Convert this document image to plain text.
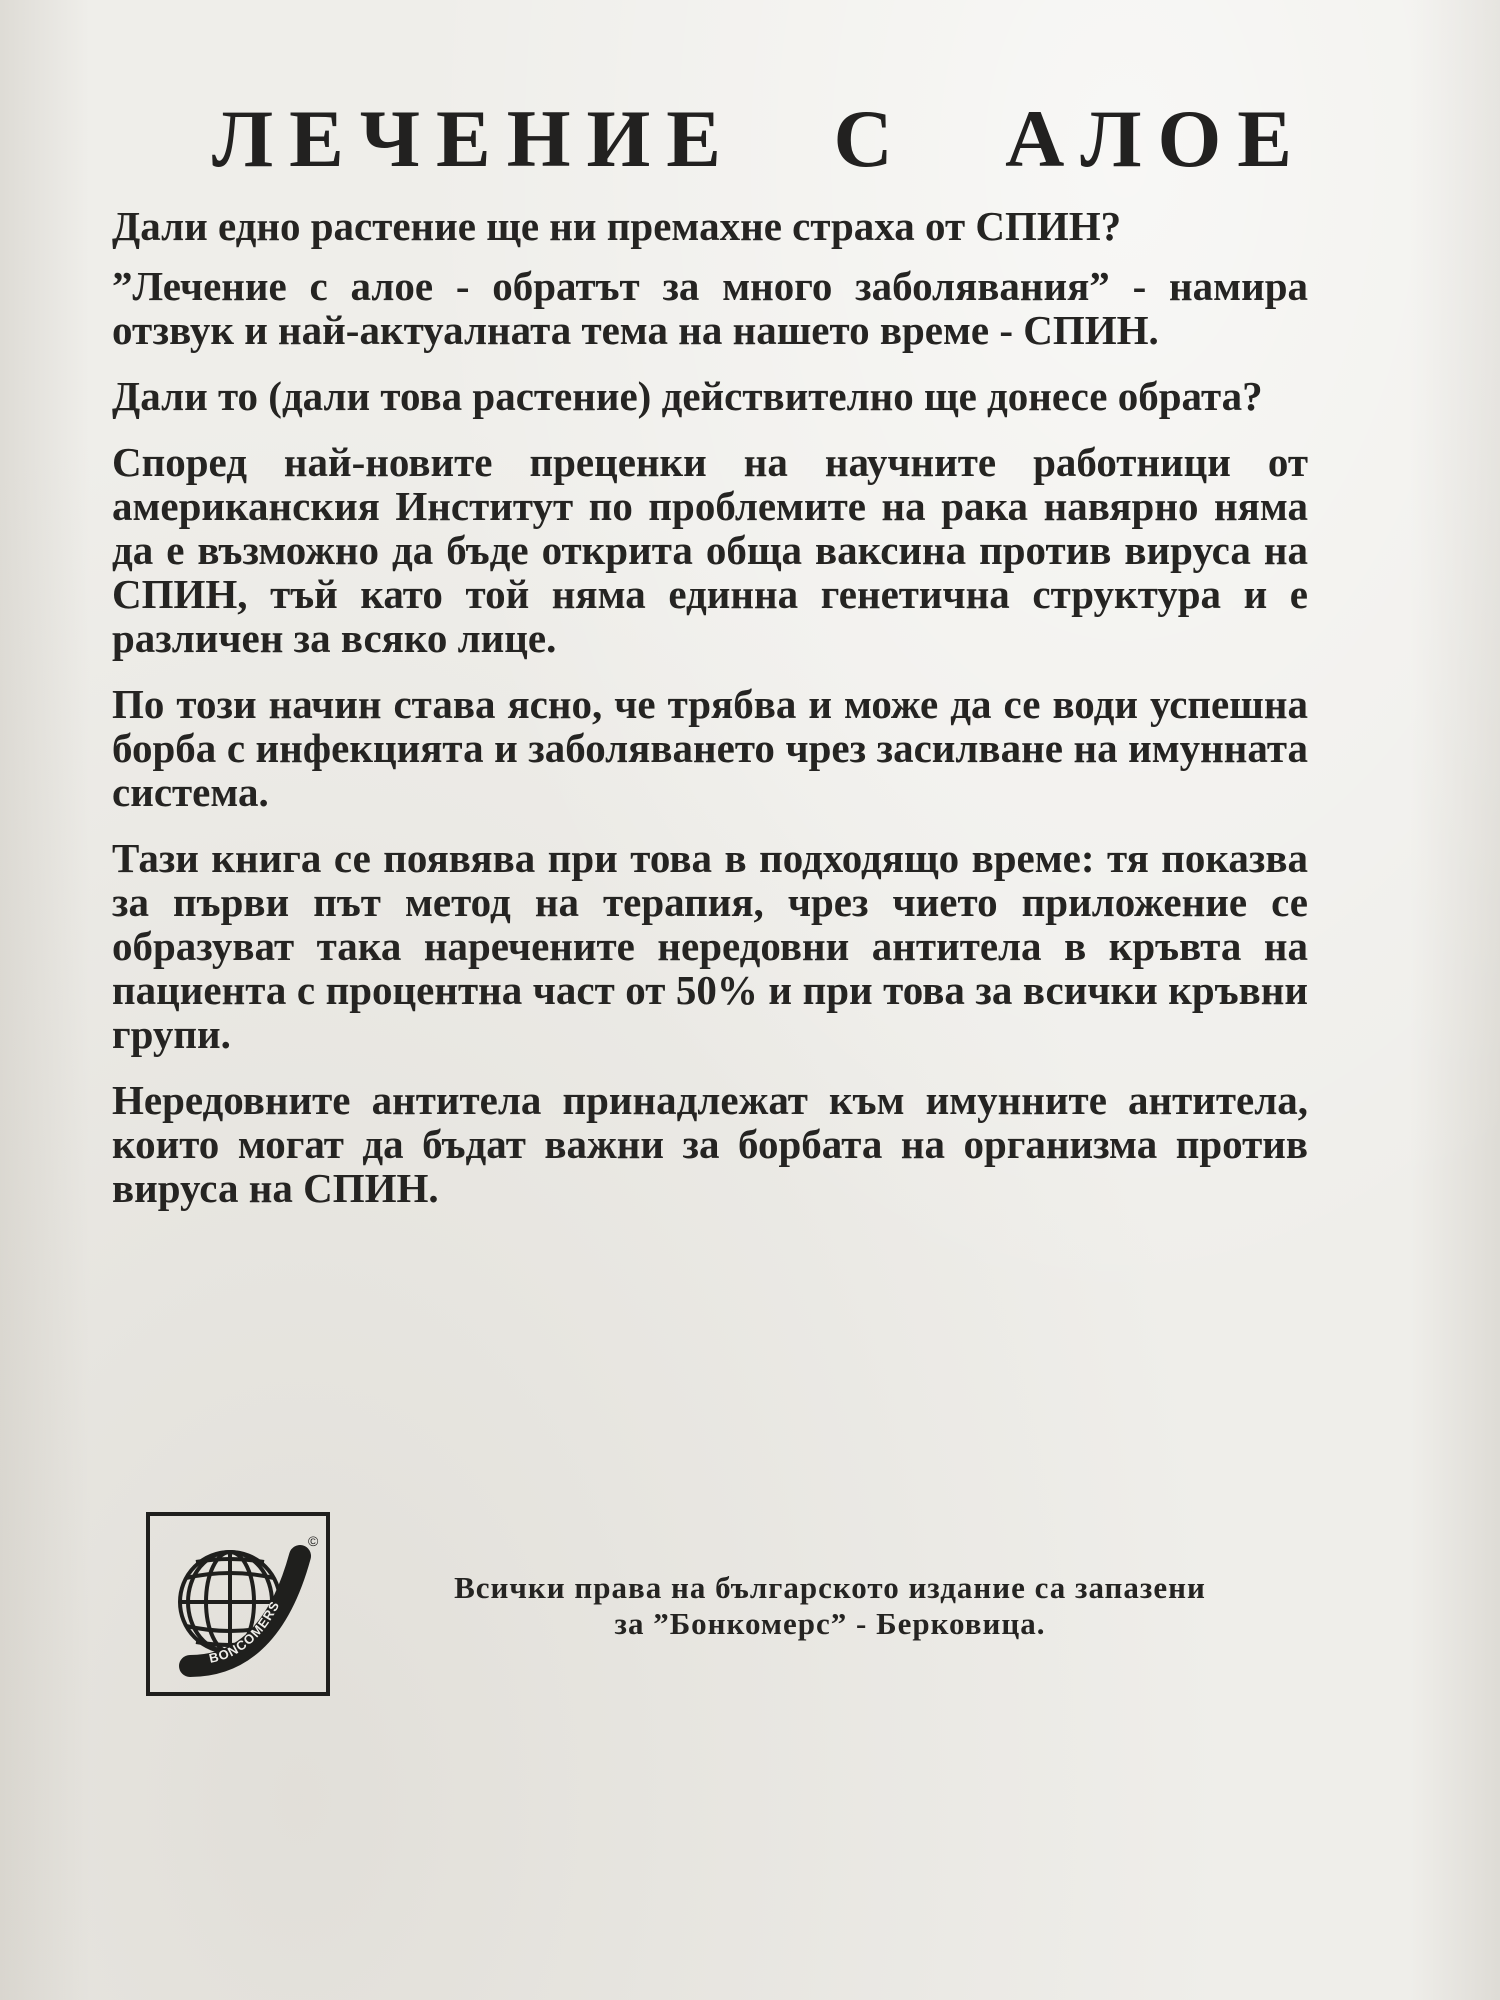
ЛЕЧЕНИЕ С АЛОЕ

Дали едно растение ще ни премахне страха от СПИН?

”Лечение с алое - обратът за много заболявания” - намира отзвук и най-актуалната тема на нашето време - СПИН.

Дали то (дали това растение) действително ще донесе обрата?

Според най-новите преценки на научните работници от американския Институт по проблемите на рака навярно няма да е възможно да бъде открита обща ваксина против вируса на СПИН, тъй като той няма единна генетична структура и е различен за всяко лице.

По този начин става ясно, че трябва и може да се води успешна борба с инфекцията и заболяването чрез засилване на имунната система.

Тази книга се появява при това в подходящо време: тя показва за първи път метод на терапия, чрез чието приложение се образуват така наречените нередовни антитела в кръвта на пациента с процентна част от 50% и при това за всички кръвни групи.

Нередовните антитела принадлежат към имунните антитела, които могат да бъдат важни за борбата на организма против вируса на СПИН.

BONCOMERS
©
Всички права на българското издание са запазени
за ”Бонкомерс” - Берковица.
